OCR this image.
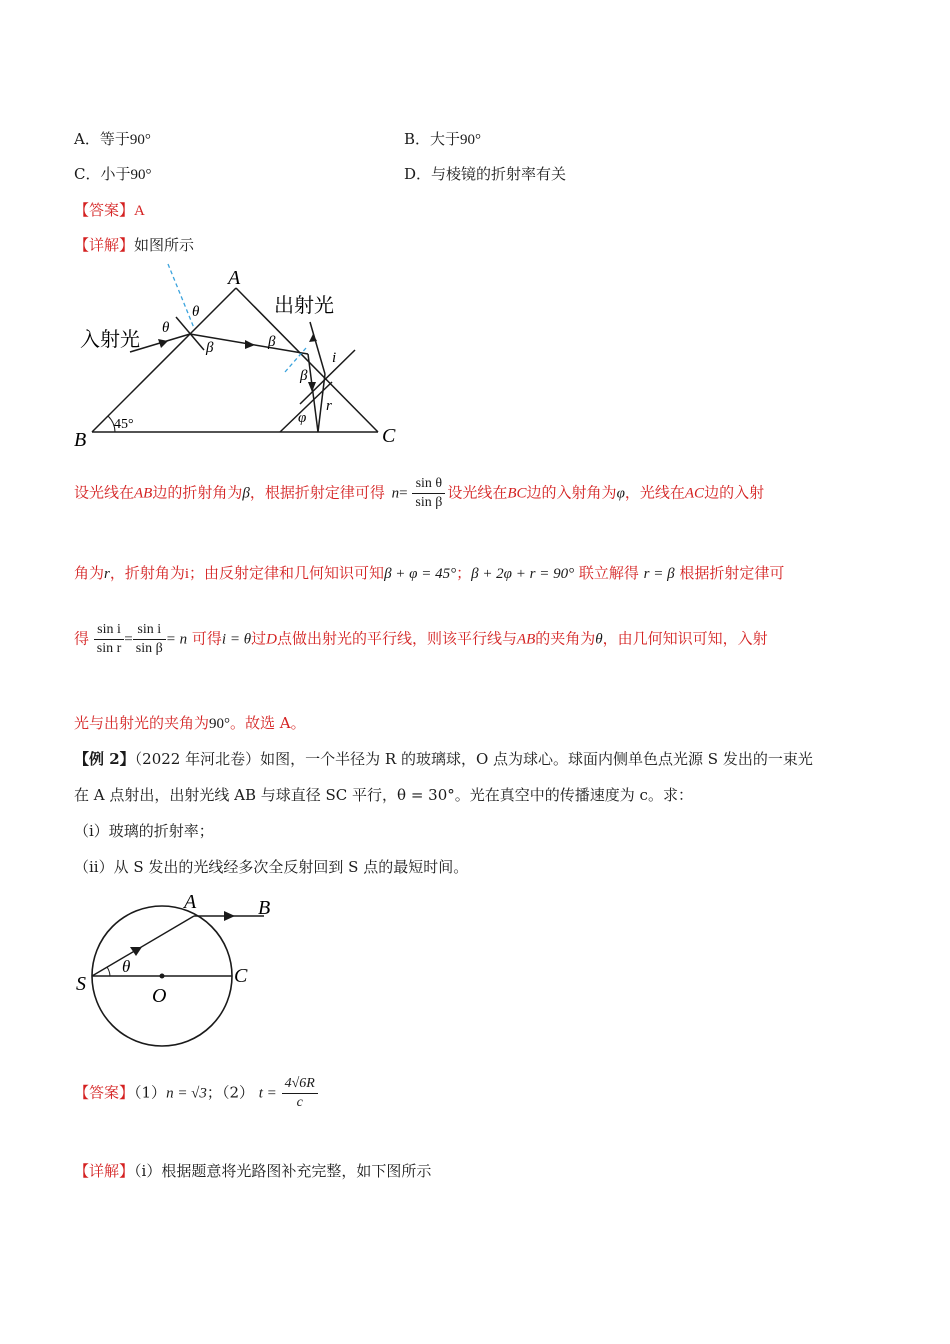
A．等于90°	B．大于90°
C．小于90°	D．与棱镜的折射率有关
【答案】A
【详解】如图所示
A
B	C
45°
入射光
出射光
θ
θ
β	β
β
φ
i
r
设光线在AB边的折射角为β，根据折射定律可得 $n= \frac{\text{sin θ}}{\text{sin β}}$ 设光线在BC边的入射角为φ，光线在AC边的入射
角为r，折射角为i；由反射定律和几何知识可知β + φ = 45°；β + 2φ + r = 90° 联立解得 r = β 根据折射定律可
得 $\frac{\text{sin i}}{\text{sin r}} = \frac{\text{sin i}}{\text{sin β}} = n$ 可得i = θ过D点做出射光的平行线，则该平行线与AB的夹角为θ，由几何知识可知，入射
光与出射光的夹角为90°。故选 A。
【例 2】（2022 年河北卷）如图，一个半径为 R 的玻璃球，O 点为球心。球面内侧单色点光源 S 发出的一束光
在 A 点射出，出射光线 AB 与球直径 SC 平行，θ = 30°。光在真空中的传播速度为 c。求：
（i）玻璃的折射率；
（ii）从 S 发出的光线经多次全反射回到 S 点的最短时间。
A	B
S
O
C
θ
【答案】（1）n = √3；（2） $t = \frac{4√6R}{c}$
【详解】（i）根据题意将光路图补充完整，如下图所示
